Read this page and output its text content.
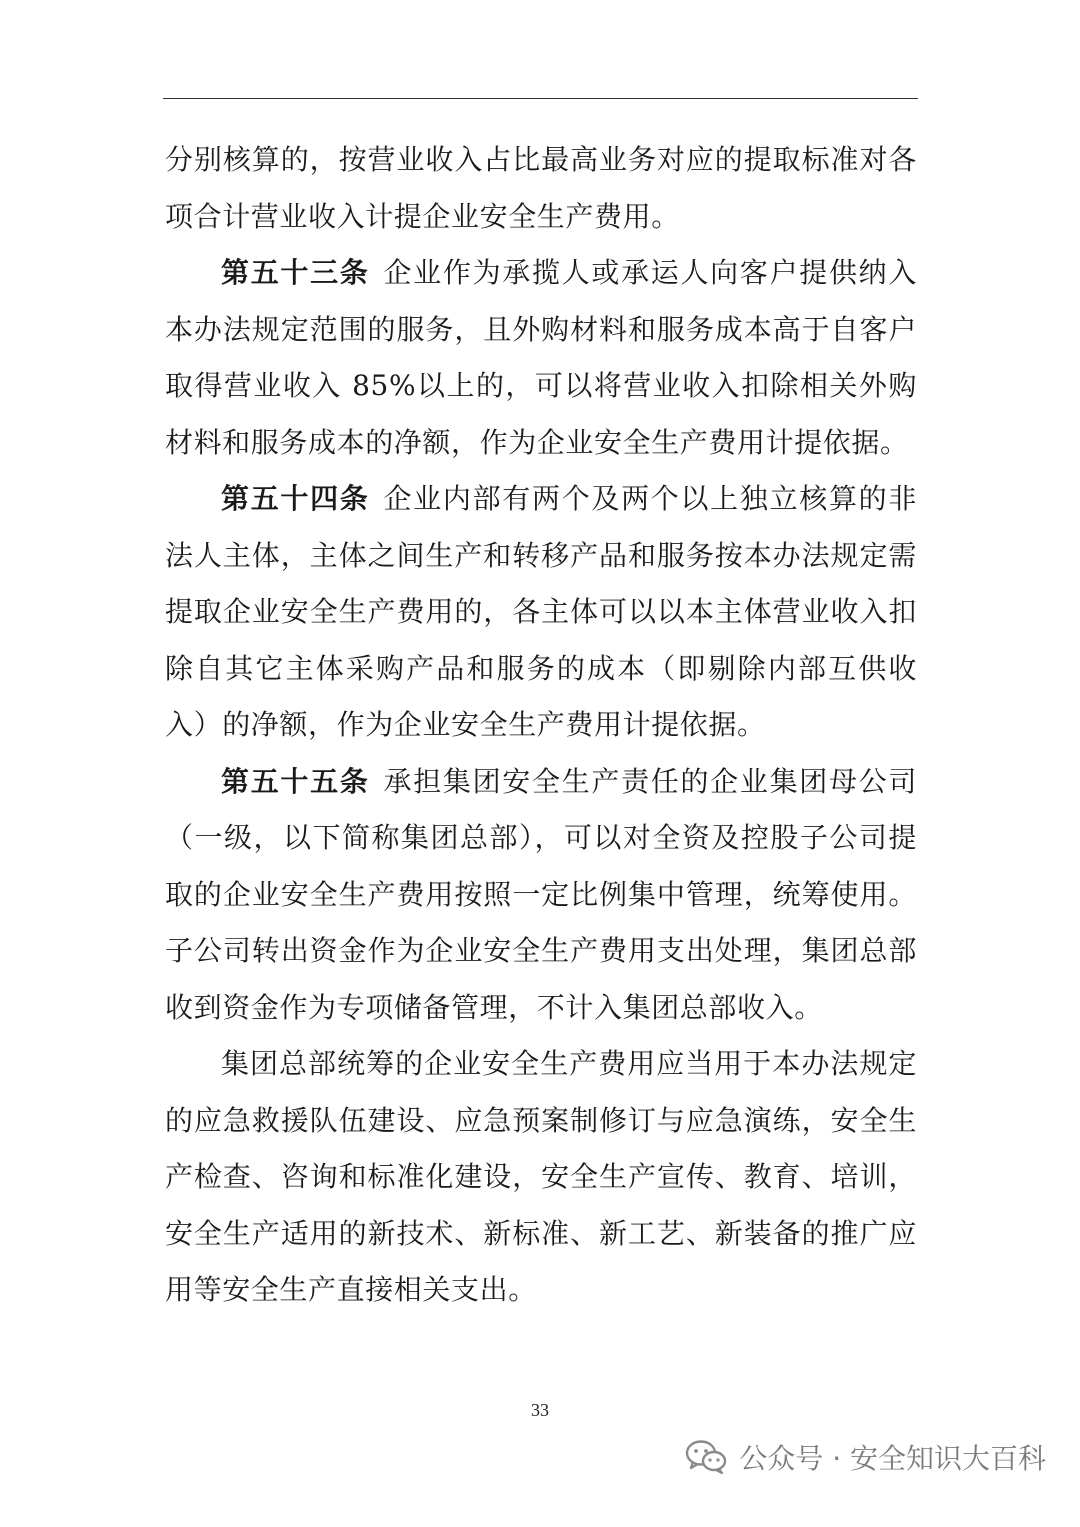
分别核算的，按营业收入占比最高业务对应的提取标准对各项合计营业收入计提企业安全生产费用。

第五十三条 企业作为承揽人或承运人向客户提供纳入本办法规定范围的服务，且外购材料和服务成本高于自客户取得营业收入 85%以上的，可以将营业收入扣除相关外购材料和服务成本的净额，作为企业安全生产费用计提依据。

第五十四条 企业内部有两个及两个以上独立核算的非法人主体，主体之间生产和转移产品和服务按本办法规定需提取企业安全生产费用的，各主体可以以本主体营业收入扣除自其它主体采购产品和服务的成本（即剔除内部互供收入）的净额，作为企业安全生产费用计提依据。

第五十五条 承担集团安全生产责任的企业集团母公司（一级，以下简称集团总部），可以对全资及控股子公司提取的企业安全生产费用按照一定比例集中管理，统筹使用。子公司转出资金作为企业安全生产费用支出处理，集团总部收到资金作为专项储备管理，不计入集团总部收入。

集团总部统筹的企业安全生产费用应当用于本办法规定的应急救援队伍建设、应急预案制修订与应急演练，安全生产检查、咨询和标准化建设，安全生产宣传、教育、培训，安全生产适用的新技术、新标准、新工艺、新装备的推广应用等安全生产直接相关支出。

33
公众号 · 安全知识大百科
